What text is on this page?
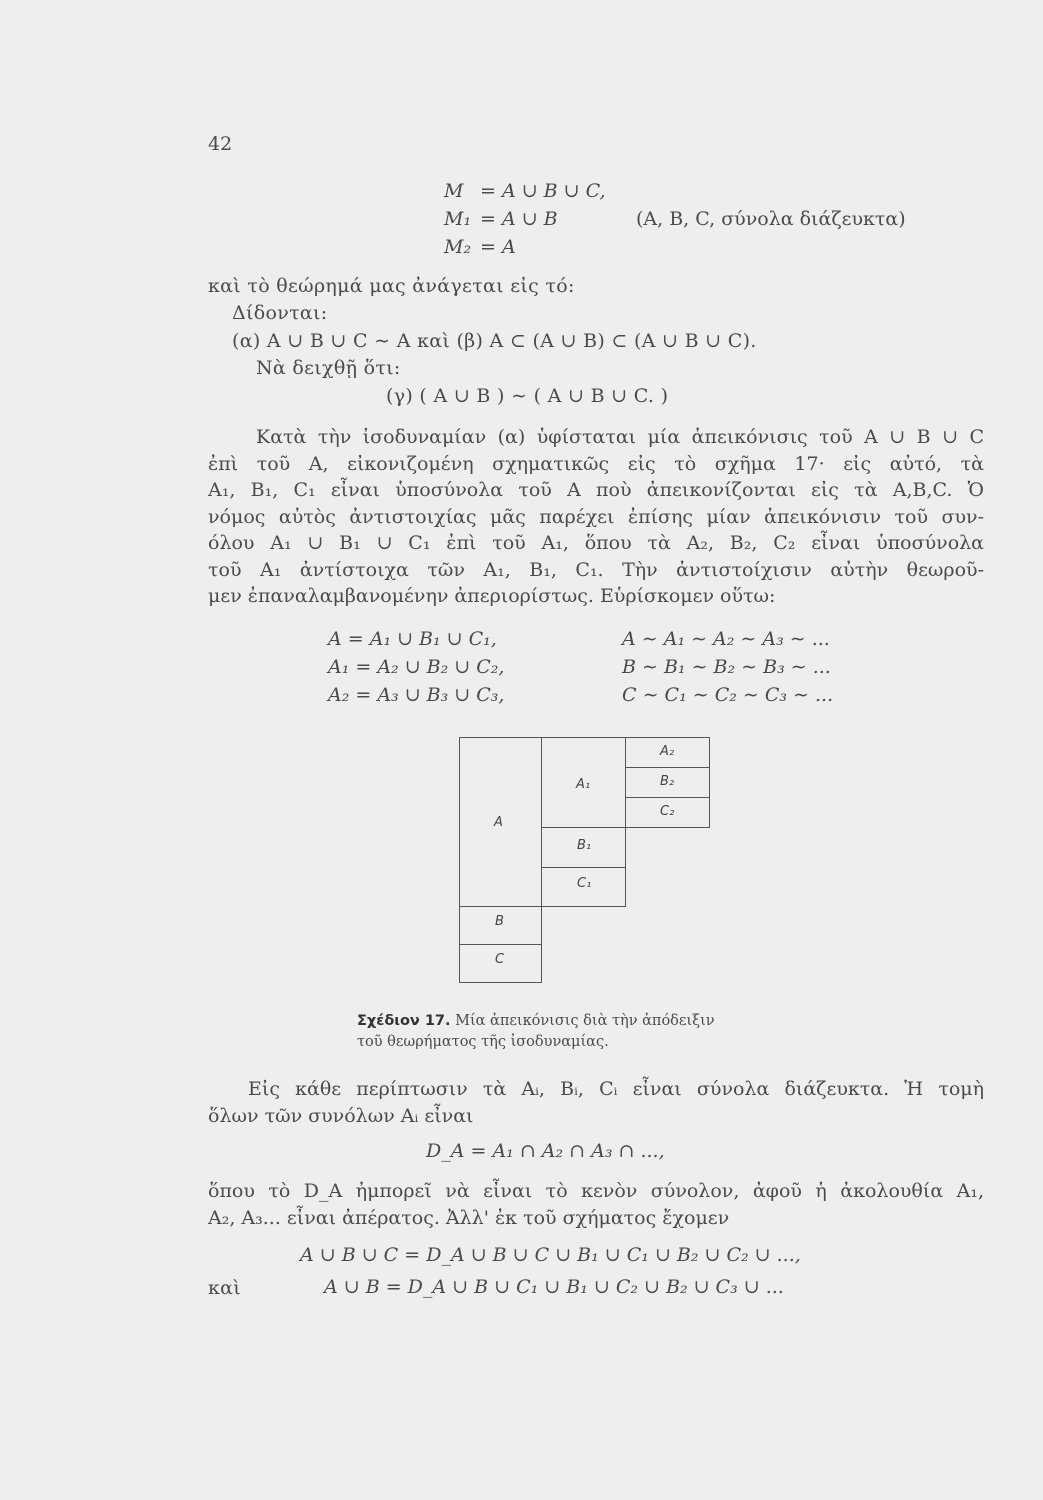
42
M = A ∪ B ∪ C,
M₁ = A ∪ B	(A, B, C, σύνολα διάζευκτα)
M₂ = A
καὶ τὸ θεώρημά μας ἀνάγεται εἰς τό:
Δίδονται:
(α) A ∪ B ∪ C ∼ A καὶ (β) A ⊂ (A ∪ B) ⊂ (A ∪ B ∪ C).
Νὰ δειχθῇ ὅτι:
(γ) ( A ∪ B ) ∼ ( A ∪ B ∪ C. )
Κατὰ τὴν ἰσοδυναμίαν (α) ὑφίσταται μία ἀπεικόνισις τοῦ A ∪ B ∪ C
ἐπὶ τοῦ A, εἰκονιζομένη σχηματικῶς εἰς τὸ σχῆμα 17· εἰς αὐτό, τὰ
A₁, B₁, C₁ εἶναι ὑποσύνολα τοῦ A ποὺ ἀπεικονίζονται εἰς τὰ A,B,C. Ὁ
νόμος αὐτὸς ἀντιστοιχίας μᾶς παρέχει ἐπίσης μίαν ἀπεικόνισιν τοῦ συν-
όλου A₁ ∪ B₁ ∪ C₁ ἐπὶ τοῦ A₁, ὅπου τὰ A₂, B₂, C₂ εἶναι ὑποσύνολα
τοῦ A₁ ἀντίστοιχα τῶν A₁, B₁, C₁. Τὴν ἀντιστοίχισιν αὐτὴν θεωροῦ-
μεν ἐπαναλαμβανομένην ἀπεριορίστως. Εὑρίσκομεν οὕτω:
A = A₁ ∪ B₁ ∪ C₁,
A₁ = A₂ ∪ B₂ ∪ C₂,
A₂ = A₃ ∪ B₃ ∪ C₃,
A ∼ A₁ ∼ A₂ ∼ A₃ ∼ ...
B ∼ B₁ ∼ B₂ ∼ B₃ ∼ ...
C ∼ C₁ ∼ C₂ ∼ C₃ ∼ ...
A
B
C
A₁
B₁
C₁
A₂
B₂
C₂
Σχέδιον 17. Μία ἀπεικόνισις διὰ τὴν ἀπόδειξιν
τοῦ θεωρήματος τῆς ἰσοδυναμίας.
Εἰς κάθε περίπτωσιν τὰ Aᵢ, Bᵢ, Cᵢ εἶναι σύνολα διάζευκτα. Ἡ τομὴ
ὅλων τῶν συνόλων Aᵢ εἶναι
D_A = A₁ ∩ A₂ ∩ A₃ ∩ ...,
ὅπου τὸ D_A ἠμπορεῖ νὰ εἶναι τὸ κενὸν σύνολον, ἀφοῦ ἡ ἀκολουθία A₁,
A₂, A₃... εἶναι ἀπέρατος. Ἀλλ' ἐκ τοῦ σχήματος ἔχομεν
A ∪ B ∪ C = D_A ∪ B ∪ C ∪ B₁ ∪ C₁ ∪ B₂ ∪ C₂ ∪ ...,
καὶ	A ∪ B = D_A ∪ B ∪ C₁ ∪ B₁ ∪ C₂ ∪ B₂ ∪ C₃ ∪ ...
